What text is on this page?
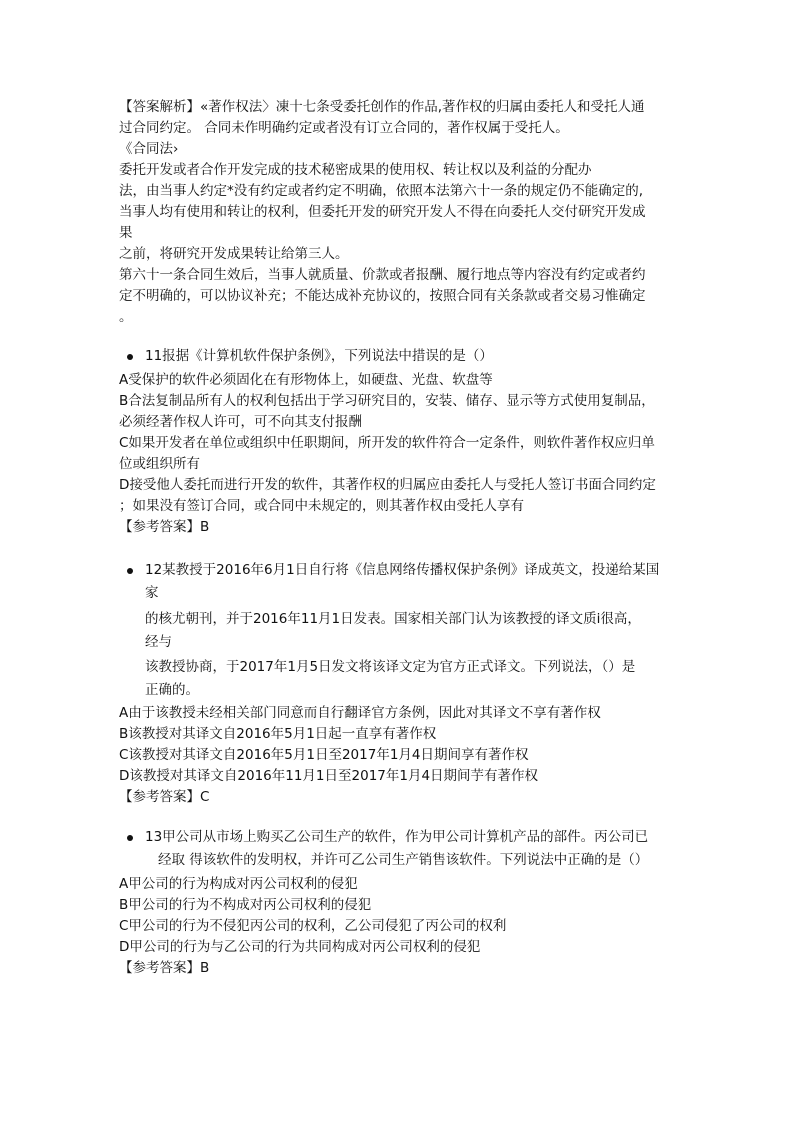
【答案解析】«著作权法〉凍十七条受委托创作的作品,著作权的归属由委托人和受托人通
过合同约定。 合同未作明确约定或者没有订立合同的，著作权属于受托人。
《合同法›
委托开发或者合作开发完成的技术秘密成果的使用权、转让权以及利益的分配办
法，由当事人约定*没有约定或者约定不明确，依照本法第六十一条的规定仍不能确定的,
当事人均有使用和转让的权利，但委托开发的研究开发人不得在向委托人交付研究开发成
果
之前，将研究开发成果转让给第三人。
第六十一条合同生效后，当事人就质量、价款或者报酬、履行地点等内容没有约定或者约
定不明确的，可以协议补充；不能达成补充协议的，按照合同有关条款或者交易习惟确定
。
11报据《计算机软件保护条例》，下列说法中措误的是（）
A受保护的软件必须固化在有形物体上，如硬盘、光盘、软盘等
B合法复制品所有人的权利包括出于学习研究目的，安装、储存、显示等方式使用复制品，
必须经著作权人许可，可不向其支付报酬
C如果开发者在单位或组织中任职期间，所开发的软件符合一定条件，则软件著作权应归单
位或组织所有
D接受他人委托而进行开发的软件，其著作权的归属应由委托人与受托人签订书面合同约定
；如果没有签订合同，或合同中未规定的，则其著作权由受托人享有
【参考答案】B
12某教授于2016年6月1日自行将《信息网络传播权保护条例》译成英文，投递给某国
家
的核尤朝刊，并于2016年11月1日发表。国家相关部门认为该教授的译文质i很高，
经与
该教授协商，于2017年1月5日发文将该译文定为官方正式译文。下列说法，（）是
正确的。
A由于该教授未经相关部门同意而自行翻译官方条例，因此对其译文不享有著作权
B该教授对其译文自2016年5月1日起一直享有著作权
C该教授对其译文自2016年5月1日至2017年1月4日期间享有著作权
D该教授对其译文自2016年11月1日至2017年1月4日期间芋有著作权
【参考答案】C
13甲公司从市场上购买乙公司生产的软件，作为甲公司计算机产品的部件。丙公司已
经取 得该软件的发明权，并许可乙公司生产销售该软件。下列说法中正确的是（）
A甲公司的行为构成对丙公司权利的侵犯
B甲公司的行为不构成对丙公司权利的侵犯
C甲公司的行为不侵犯丙公司的权利，乙公司侵犯了丙公司的权利
D甲公司的行为与乙公司的行为共同构成对丙公司权利的侵犯
【参考答案】B
